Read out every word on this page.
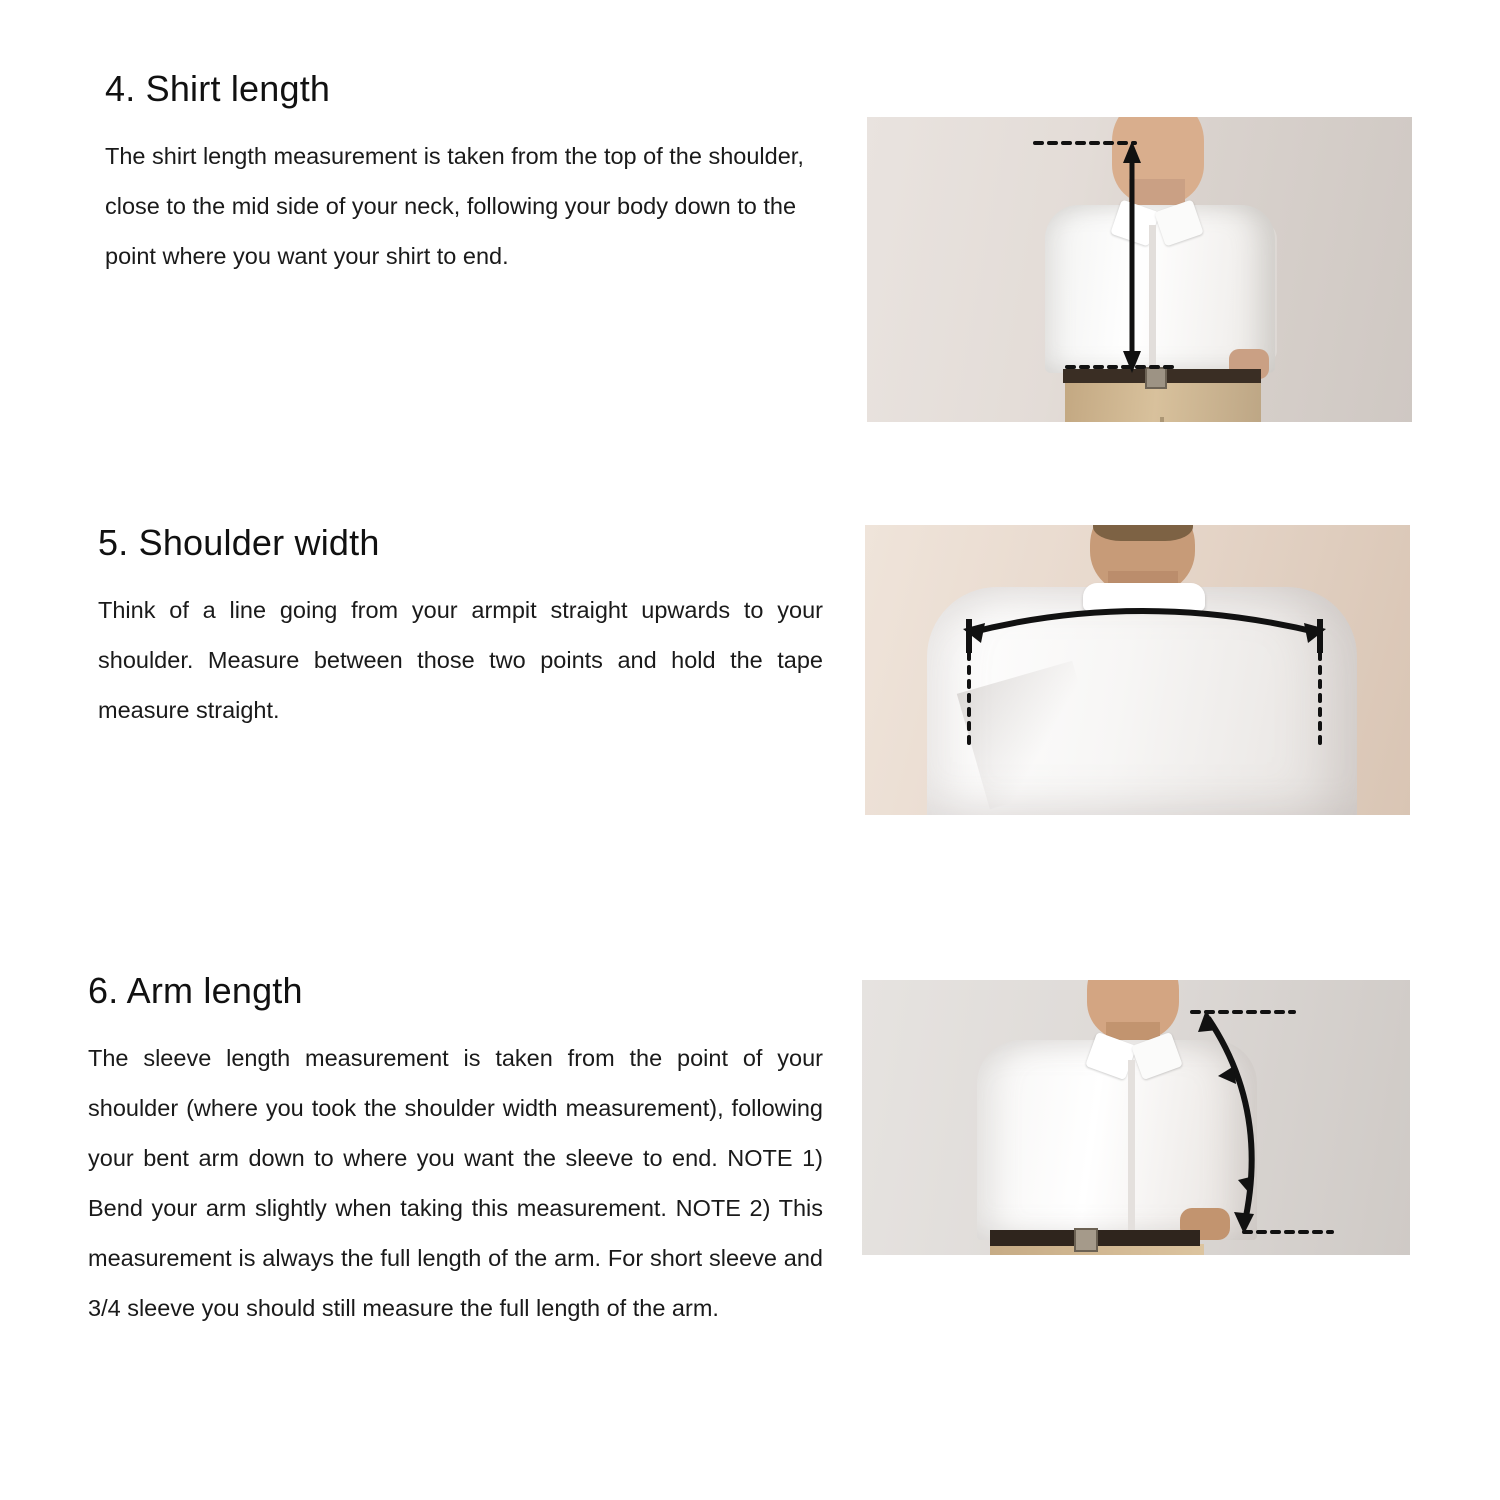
4. Shirt length

The shirt length measurement is taken from the top of the shoulder, close to the mid side of your neck, following your body down to the point where you want your shirt to end.

5. Shoulder width

Think of a line going from your armpit straight upwards to your shoulder. Measure between those two points and hold the tape measure straight.

6. Arm length

The sleeve length measurement is taken from the point of your shoulder (where you took the shoulder width measurement), following your bent arm down to where you want the sleeve to end. NOTE 1) Bend your arm slightly when taking this measurement. NOTE 2) This measurement is always the full length of the arm. For short sleeve and 3/4 sleeve you should still measure the full length of the arm.
